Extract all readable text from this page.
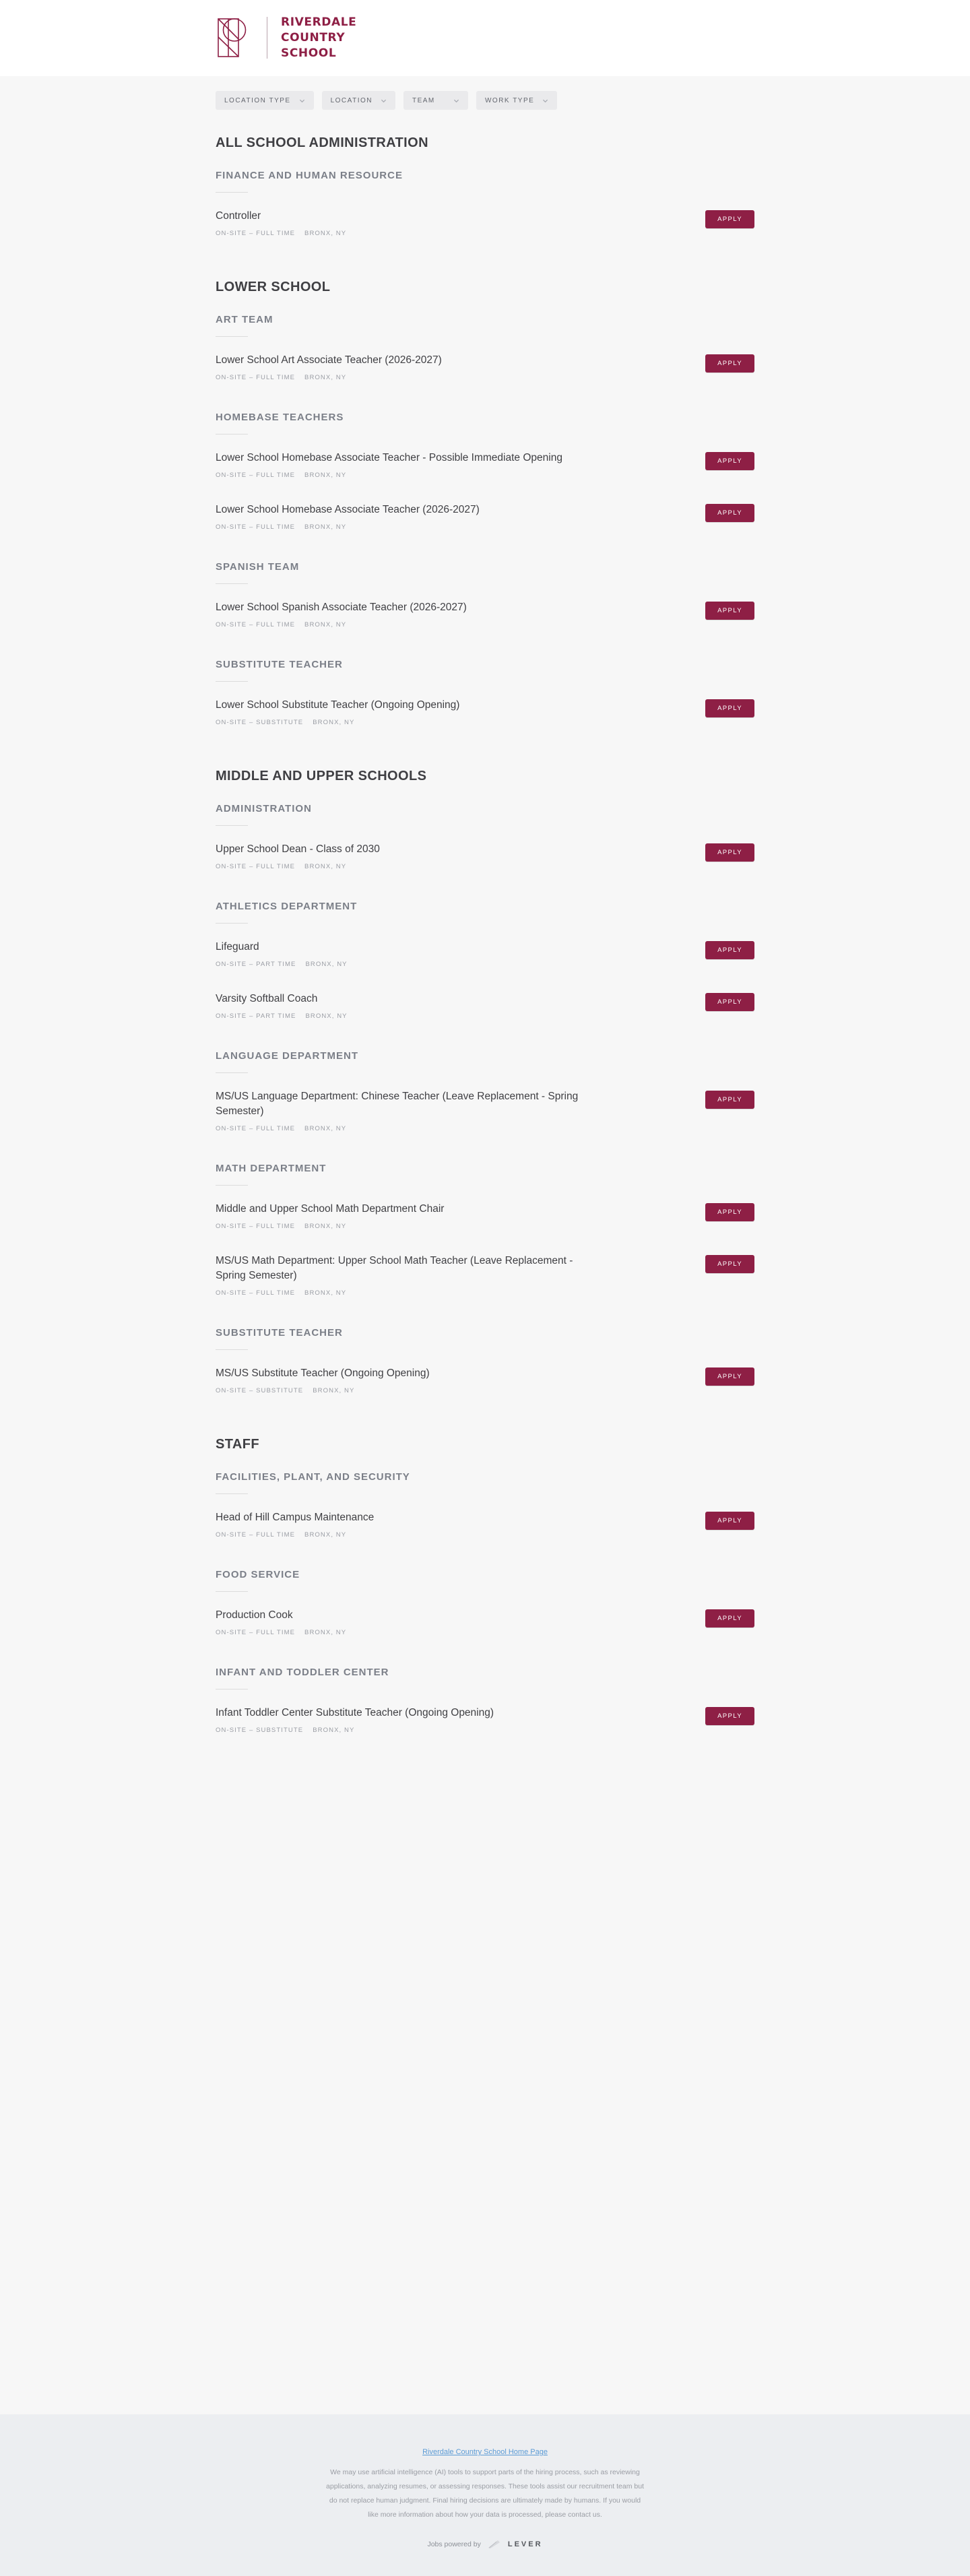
RIVERDALE
COUNTRY
SCHOOL
LOCATION TYPE	LOCATION	TEAM	WORK TYPE
ALL SCHOOL ADMINISTRATION
FINANCE AND HUMAN RESOURCE
Controller
ON-SITE – FULL TIME BRONX, NY
APPLY
LOWER SCHOOL
ART TEAM
Lower School Art Associate Teacher (2026-2027)
ON-SITE – FULL TIME BRONX, NY
APPLY
HOMEBASE TEACHERS
Lower School Homebase Associate Teacher - Possible Immediate Opening
ON-SITE – FULL TIME BRONX, NY
APPLY
Lower School Homebase Associate Teacher (2026-2027)
ON-SITE – FULL TIME BRONX, NY
APPLY
SPANISH TEAM
Lower School Spanish Associate Teacher (2026-2027)
ON-SITE – FULL TIME BRONX, NY
APPLY
SUBSTITUTE TEACHER
Lower School Substitute Teacher (Ongoing Opening)
ON-SITE – SUBSTITUTE BRONX, NY
APPLY
MIDDLE AND UPPER SCHOOLS
ADMINISTRATION
Upper School Dean - Class of 2030
ON-SITE – FULL TIME BRONX, NY
APPLY
ATHLETICS DEPARTMENT
Lifeguard
ON-SITE – PART TIME BRONX, NY
APPLY
Varsity Softball Coach
ON-SITE – PART TIME BRONX, NY
APPLY
LANGUAGE DEPARTMENT
MS/US Language Department: Chinese Teacher (Leave Replacement - Spring Semester)
ON-SITE – FULL TIME BRONX, NY
APPLY
MATH DEPARTMENT
Middle and Upper School Math Department Chair
ON-SITE – FULL TIME BRONX, NY
APPLY
MS/US Math Department: Upper School Math Teacher (Leave Replacement - Spring Semester)
ON-SITE – FULL TIME BRONX, NY
APPLY
SUBSTITUTE TEACHER
MS/US Substitute Teacher (Ongoing Opening)
ON-SITE – SUBSTITUTE BRONX, NY
APPLY
STAFF
FACILITIES, PLANT, AND SECURITY
Head of Hill Campus Maintenance
ON-SITE – FULL TIME BRONX, NY
APPLY
FOOD SERVICE
Production Cook
ON-SITE – FULL TIME BRONX, NY
APPLY
INFANT AND TODDLER CENTER
Infant Toddler Center Substitute Teacher (Ongoing Opening)
ON-SITE – SUBSTITUTE BRONX, NY
APPLY
Riverdale Country School Home Page

We may use artificial intelligence (AI) tools to support parts of the hiring process, such as reviewing applications, analyzing resumes, or assessing responses. These tools assist our recruitment team but do not replace human judgment. Final hiring decisions are ultimately made by humans. If you would like more information about how your data is processed, please contact us.

Jobs powered by	LEVER
